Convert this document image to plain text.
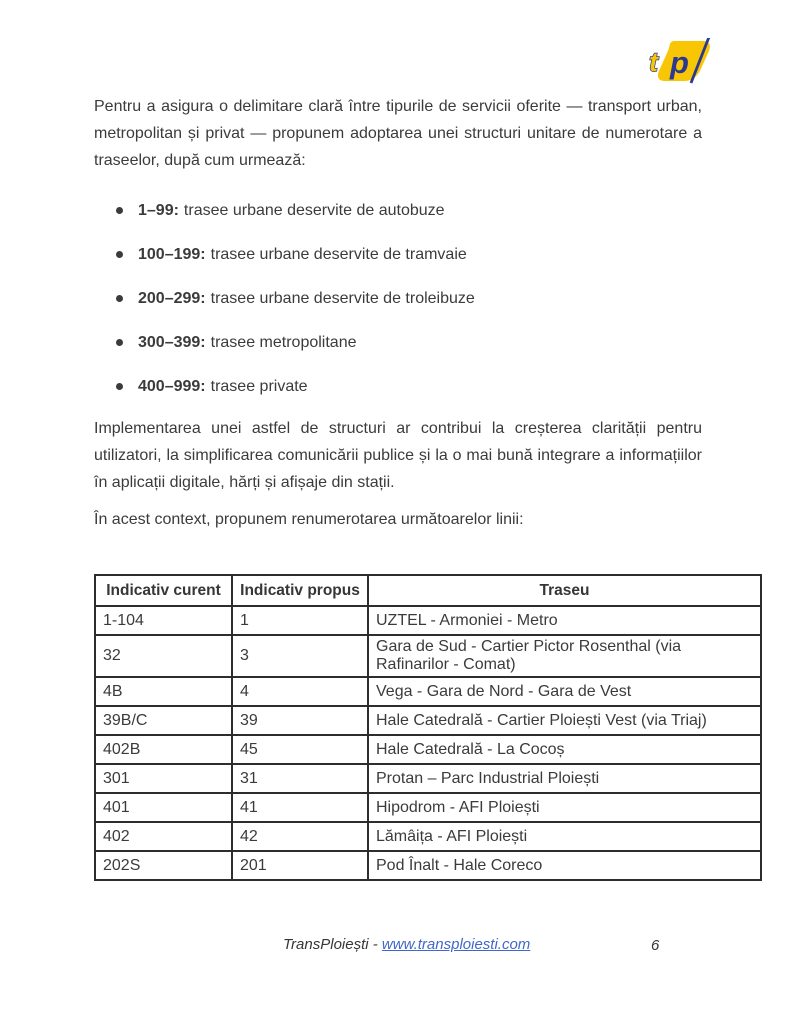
p
t

Pentru a asigura o delimitare clară între tipurile de servicii oferite — transport urban, metropolitan și privat — propunem adoptarea unei structuri unitare de numerotare a traseelor, după cum urmează:

1–99: trasee urbane deservite de autobuze
100–199: trasee urbane deservite de tramvaie
200–299: trasee urbane deservite de troleibuze
300–399: trasee metropolitane
400–999: trasee private

Implementarea unei astfel de structuri ar contribui la creșterea clarității pentru utilizatori, la simplificarea comunicării publice și la o mai bună integrare a informațiilor în aplicații digitale, hărți și afișaje din stații.

În acest context, propunem renumerotarea următoarelor linii:

Indicativ curent	Indicativ propus	Traseu
1-104	1	UZTEL - Armoniei - Metro
32	3	Gara de Sud - Cartier Pictor Rosenthal (via Rafinarilor - Comat)
4B	4	Vega - Gara de Nord - Gara de Vest
39B/C	39	Hale Catedrală - Cartier Ploiești Vest (via Triaj)
402B	45	Hale Catedrală - La Cocoș
301	31	Protan – Parc Industrial Ploiești
401	41	Hipodrom - AFI Ploiești
402	42	Lămâița - AFI Ploiești
202S	201	Pod Înalt - Hale Coreco
TransPloiești - www.transploiesti.com	6
